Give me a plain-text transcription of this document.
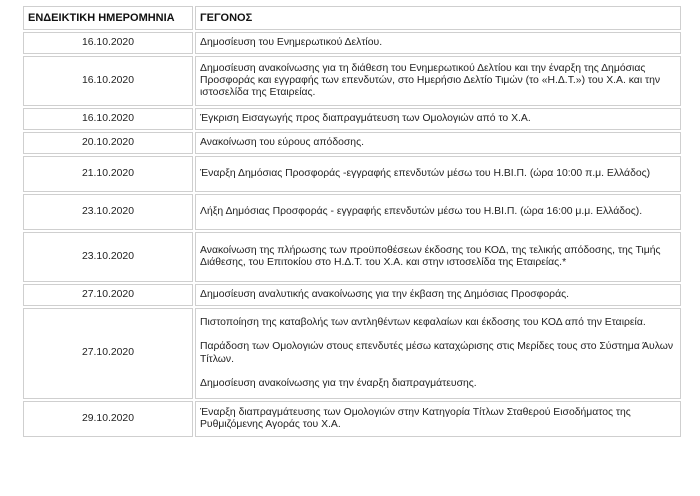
ΕΝΔΕΙΚΤΙΚΗ ΗΜΕΡΟΜΗΝΙΑ	ΓΕΓΟΝΟΣ
16.10.2020	Δημοσίευση του Ενημερωτικού Δελτίου.

16.10.2020	Δημοσίευση ανακοίνωσης για τη διάθεση του Ενημερωτικού Δελτίου και την έναρξη της Δημόσιας Προσφοράς και εγγραφής των επενδυτών, στο Ημερήσιο Δελτίο Τιμών (το «Η.Δ.Τ.») του Χ.Α. και την ιστοσελίδα της Εταιρείας.

16.10.2020	Έγκριση Εισαγωγής προς διαπραγμάτευση των Ομολογιών από το Χ.Α.

20.10.2020	Ανακοίνωση του εύρους απόδοσης.

21.10.2020	Έναρξη Δημόσιας Προσφοράς -εγγραφής επενδυτών μέσω του Η.ΒΙ.Π. (ώρα 10:00 π.μ. Ελλάδος)

23.10.2020	Λήξη Δημόσιας Προσφοράς - εγγραφής επενδυτών μέσω του Η.ΒΙ.Π. (ώρα 16:00 μ.μ. Ελλάδος).

23.10.2020	Ανακοίνωση της πλήρωσης των προϋποθέσεων έκδοσης του ΚΟΔ, της τελικής απόδοσης, της Τιμής Διάθεσης, του Επιτοκίου στο Η.Δ.Τ. του Χ.Α. και στην ιστοσελίδα της Εταιρείας.*

27.10.2020	Δημοσίευση αναλυτικής ανακοίνωσης για την έκβαση της Δημόσιας Προσφοράς.

27.10.2020	Πιστοποίηση της καταβολής των αντληθέντων κεφαλαίων και έκδοσης του ΚΟΔ από την Εταιρεία.

Παράδοση των Ομολογιών στους επενδυτές μέσω καταχώρισης στις Μερίδες τους στο Σύστημα Άυλων Τίτλων.

Δημοσίευση ανακοίνωσης για την έναρξη διαπραγμάτευσης.

29.10.2020	Έναρξη διαπραγμάτευσης των Ομολογιών στην Κατηγορία Τίτλων Σταθερού Εισοδήματος της Ρυθμιζόμενης Αγοράς του Χ.Α.
